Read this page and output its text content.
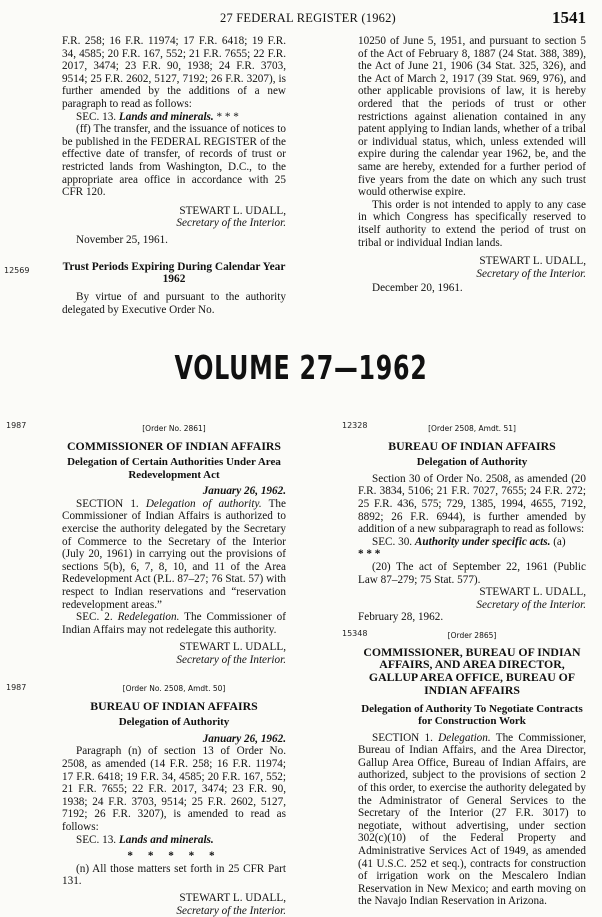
27 FEDERAL REGISTER (1962)	1541

F.R. 258; 16 F.R. 11974; 17 F.R. 6418; 19 F.R. 34, 4585; 20 F.R. 167, 552; 21 F.R. 7655; 22 F.R. 2017, 3474; 23 F.R. 90, 1938; 24 F.R. 3703, 9514; 25 F.R. 2602, 5127, 7192; 26 F.R. 3207), is further amended by the additions of a new paragraph to read as follows:

SEC. 13. Lands and minerals. * * *

(ff) The transfer, and the issuance of notices to be published in the FEDERAL REGISTER of the effective date of transfer, of records of trust or restricted lands from Washington, D.C., to the appropriate area office in accordance with 25 CFR 120.

STEWART L. UDALL,

Secretary of the Interior.

November 25, 1961.

Trust Periods Expiring During Calendar Year 1962

By virtue of and pursuant to the authority delegated by Executive Order No.

12569

10250 of June 5, 1951, and pursuant to section 5 of the Act of February 8, 1887 (24 Stat. 388, 389), the Act of June 21, 1906 (34 Stat. 325, 326), and the Act of March 2, 1917 (39 Stat. 969, 976), and other applicable provisions of law, it is hereby ordered that the periods of trust or other restrictions against alienation contained in any patent applying to Indian lands, whether of a tribal or individual status, which, unless extended will expire during the calendar year 1962, be, and the same are hereby, extended for a further period of five years from the date on which any such trust would otherwise expire.

This order is not intended to apply to any case in which Congress has specifically reserved to itself authority to extend the period of trust on tribal or individual Indian lands.

STEWART L. UDALL,

Secretary of the Interior.

December 20, 1961.

VOLUME 27—1962
1987	[Order No. 2861]

COMMISSIONER OF INDIAN AFFAIRS

Delegation of Certain Authorities Under Area Redevelopment Act

January 26, 1962.

SECTION 1. Delegation of authority. The Commissioner of Indian Affairs is authorized to exercise the authority delegated by the Secretary of Commerce to the Secretary of the Interior (July 20, 1961) in carrying out the provisions of sections 5(b), 6, 7, 8, 10, and 11 of the Area Redevelopment Act (P.L. 87–27; 76 Stat. 57) with respect to Indian reservations and “reservation redevelopment areas.”

SEC. 2. Redelegation. The Commissioner of Indian Affairs may not redelegate this authority.

STEWART L. UDALL,

Secretary of the Interior.

1987	[Order No. 2508, Amdt. 50]

BUREAU OF INDIAN AFFAIRS

Delegation of Authority

January 26, 1962.

Paragraph (n) of section 13 of Order No. 2508, as amended (14 F.R. 258; 16 F.R. 11974; 17 F.R. 6418; 19 F.R. 34, 4585; 20 F.R. 167, 552; 21 F.R. 7655; 22 F.R. 2017, 3474; 23 F.R. 90, 1938; 24 F.R. 3703, 9514; 25 F.R. 2602, 5127, 7192; 26 F.R. 3207), is amended to read as follows:

SEC. 13. Lands and minerals.

* * * * *

(n) All those matters set forth in 25 CFR Part 131.

STEWART L. UDALL,

Secretary of the Interior.

12328	[Order 2508, Amdt. 51]

BUREAU OF INDIAN AFFAIRS

Delegation of Authority

Section 30 of Order No. 2508, as amended (20 F.R. 3834, 5106; 21 F.R. 7027, 7655; 24 F.R. 272; 25 F.R. 436, 575; 729, 1385, 1994, 4655, 7192, 8892; 26 F.R. 6944), is further amended by addition of a new subparagraph to read as follows:

SEC. 30. Authority under specific acts. (a)

* * *

(20) The act of September 22, 1961 (Public Law 87–279; 75 Stat. 577).

STEWART L. UDALL,

Secretary of the Interior.

February 28, 1962.

15348	[Order 2865]

COMMISSIONER, BUREAU OF INDIAN AFFAIRS, AND AREA DIRECTOR, GALLUP AREA OFFICE, BUREAU OF INDIAN AFFAIRS

Delegation of Authority To Negotiate Contracts for Construction Work

SECTION 1. Delegation. The Commissioner, Bureau of Indian Affairs, and the Area Director, Gallup Area Office, Bureau of Indian Affairs, are authorized, subject to the provisions of section 2 of this order, to exercise the authority delegated by the Administrator of General Services to the Secretary of the Interior (27 F.R. 3017) to negotiate, without advertising, under section 302(c)(10) of the Federal Property and Administrative Services Act of 1949, as amended (41 U.S.C. 252 et seq.), contracts for construction of irrigation work on the Mescalero Indian Reservation in New Mexico; and earth moving on the Navajo Indian Reservation in Arizona.
